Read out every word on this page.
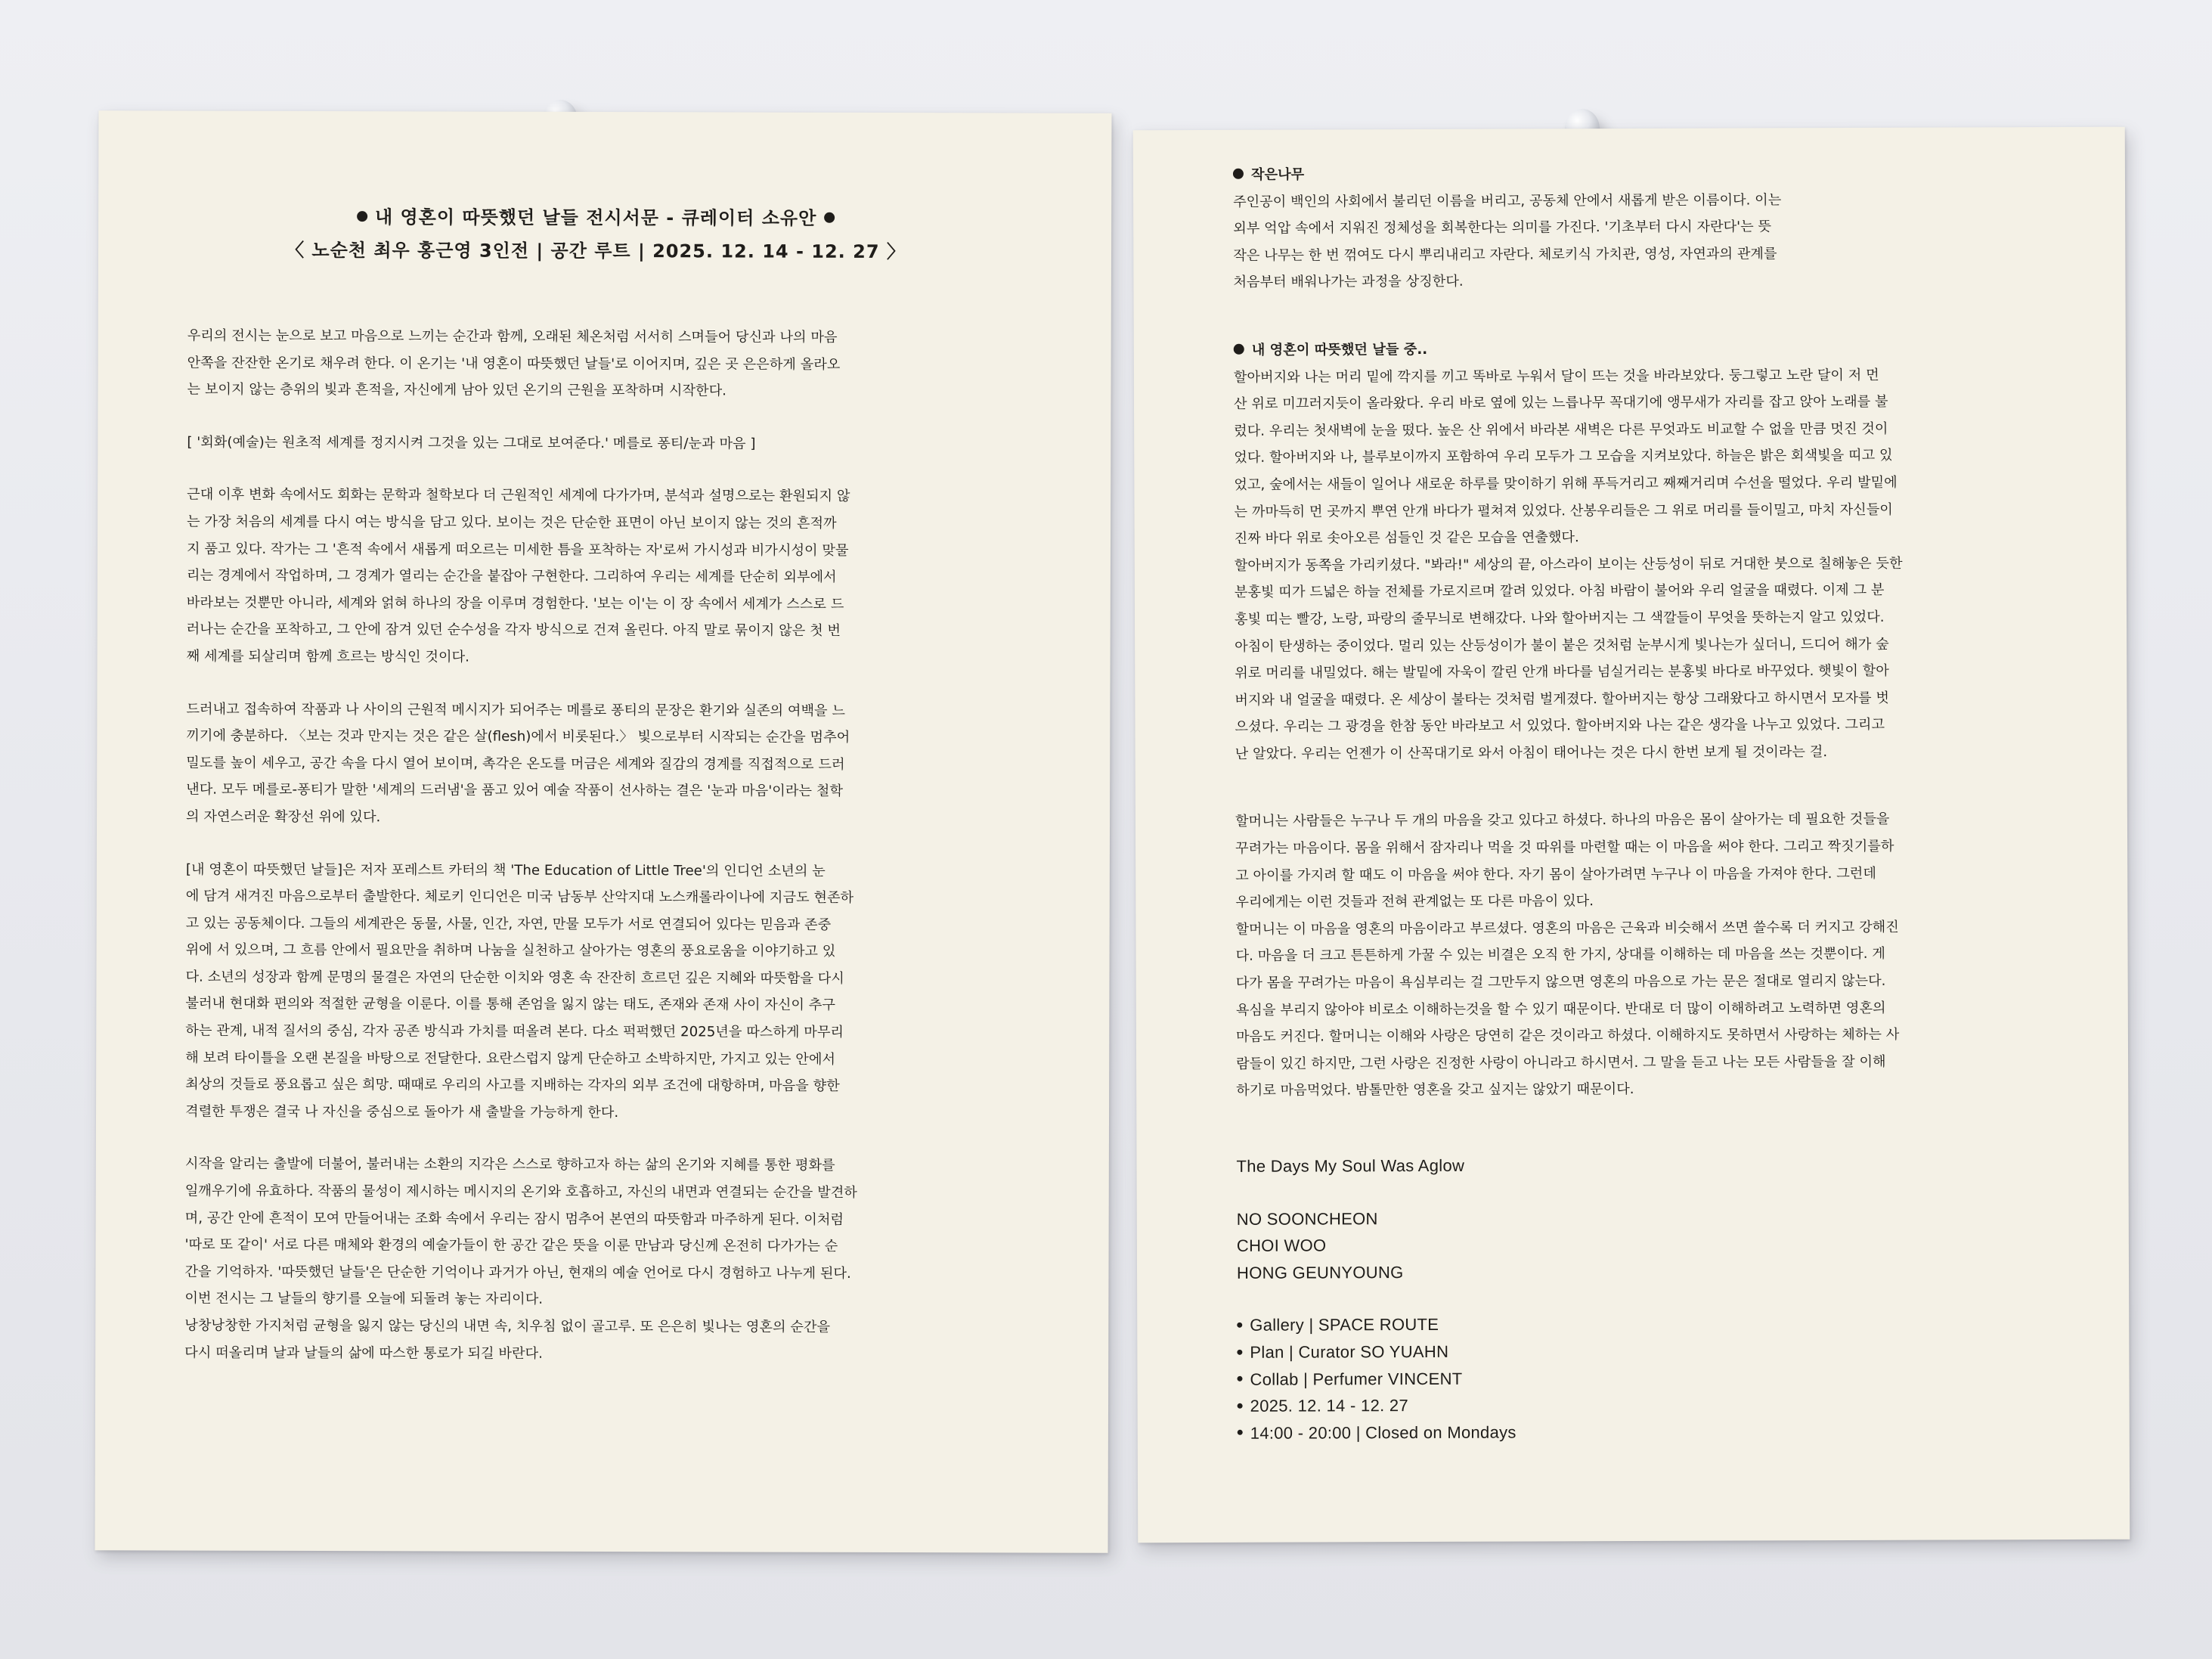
내 영혼이 따뜻했던 날들 전시서문 - 큐레이터 소유안
〈 노순천 최우 홍근영 3인전 | 공간 루트 | 2025. 12. 14 - 12. 27 〉
우리의 전시는 눈으로 보고 마음으로 느끼는 순간과 함께, 오래된 체온처럼 서서히 스며들어 당신과 나의 마음
안쪽을 잔잔한 온기로 채우려 한다. 이 온기는 '내 영혼이 따뜻했던 날들'로 이어지며, 깊은 곳 은은하게 올라오
는 보이지 않는 층위의 빛과 흔적을, 자신에게 남아 있던 온기의 근원을 포착하며 시작한다.
[ '회화(예술)는 원초적 세계를 정지시켜 그것을 있는 그대로 보여준다.' 메를로 퐁티/눈과 마음 ]
근대 이후 변화 속에서도 회화는 문학과 철학보다 더 근원적인 세계에 다가가며, 분석과 설명으로는 환원되지 않
는 가장 처음의 세계를 다시 여는 방식을 담고 있다. 보이는 것은 단순한 표면이 아닌 보이지 않는 것의 흔적까
지 품고 있다. 작가는 그 '흔적 속에서 새롭게 떠오르는 미세한 틈을 포착하는 자'로써 가시성과 비가시성이 맞물
리는 경계에서 작업하며, 그 경계가 열리는 순간을 붙잡아 구현한다. 그리하여 우리는 세계를 단순히 외부에서
바라보는 것뿐만 아니라, 세계와 얽혀 하나의 장을 이루며 경험한다. '보는 이'는 이 장 속에서 세계가 스스로 드
러나는 순간을 포착하고, 그 안에 잠겨 있던 순수성을 각자 방식으로 건져 올린다. 아직 말로 묶이지 않은 첫 번
째 세계를 되살리며 함께 흐르는 방식인 것이다.
드러내고 접속하여 작품과 나 사이의 근원적 메시지가 되어주는 메를로 퐁티의 문장은 환기와 실존의 여백을 느
끼기에 충분하다. 〈보는 것과 만지는 것은 같은 살(flesh)에서 비롯된다.〉 빛으로부터 시작되는 순간을 멈추어
밀도를 높이 세우고, 공간 속을 다시 열어 보이며, 촉각은 온도를 머금은 세계와 질감의 경계를 직접적으로 드러
낸다. 모두 메를로-퐁티가 말한 '세계의 드러냄'을 품고 있어 예술 작품이 선사하는 결은 '눈과 마음'이라는 철학
의 자연스러운 확장선 위에 있다.
[내 영혼이 따뜻했던 날들]은 저자 포레스트 카터의 책 'The Education of Little Tree'의 인디언 소년의 눈
에 담겨 새겨진 마음으로부터 출발한다. 체로키 인디언은 미국 남동부 산악지대 노스캐롤라이나에 지금도 현존하
고 있는 공동체이다. 그들의 세계관은 동물, 사물, 인간, 자연, 만물 모두가 서로 연결되어 있다는 믿음과 존중
위에 서 있으며, 그 흐름 안에서 필요만을 취하며 나눔을 실천하고 살아가는 영혼의 풍요로움을 이야기하고 있
다. 소년의 성장과 함께 문명의 물결은 자연의 단순한 이치와 영혼 속 잔잔히 흐르던 깊은 지혜와 따뜻함을 다시
불러내 현대화 편의와 적절한 균형을 이룬다. 이를 통해 존엄을 잃지 않는 태도, 존재와 존재 사이 자신이 추구
하는 관계, 내적 질서의 중심, 각자 공존 방식과 가치를 떠올려 본다. 다소 퍽퍽했던 2025년을 따스하게 마무리
해 보려 타이틀을 오랜 본질을 바탕으로 전달한다. 요란스럽지 않게 단순하고 소박하지만, 가지고 있는 안에서
최상의 것들로 풍요롭고 싶은 희망. 때때로 우리의 사고를 지배하는 각자의 외부 조건에 대항하며, 마음을 향한
격렬한 투쟁은 결국 나 자신을 중심으로 돌아가 새 출발을 가능하게 한다.
시작을 알리는 출발에 더불어, 불러내는 소환의 지각은 스스로 향하고자 하는 삶의 온기와 지혜를 통한 평화를
일깨우기에 유효하다. 작품의 물성이 제시하는 메시지의 온기와 호흡하고, 자신의 내면과 연결되는 순간을 발견하
며, 공간 안에 흔적이 모여 만들어내는 조화 속에서 우리는 잠시 멈추어 본연의 따뜻함과 마주하게 된다. 이처럼
'따로 또 같이' 서로 다른 매체와 환경의 예술가들이 한 공간 같은 뜻을 이룬 만남과 당신께 온전히 다가가는 순
간을 기억하자. '따뜻했던 날들'은 단순한 기억이나 과거가 아닌, 현재의 예술 언어로 다시 경험하고 나누게 된다.
이번 전시는 그 날들의 향기를 오늘에 되돌려 놓는 자리이다.
낭창낭창한 가지처럼 균형을 잃지 않는 당신의 내면 속, 치우침 없이 골고루. 또 은은히 빛나는 영혼의 순간을
다시 떠올리며 날과 날들의 삶에 따스한 통로가 되길 바란다.
작은나무
주인공이 백인의 사회에서 불리던 이름을 버리고, 공동체 안에서 새롭게 받은 이름이다. 이는
외부 억압 속에서 지워진 정체성을 회복한다는 의미를 가진다. '기초부터 다시 자란다'는 뜻
작은 나무는 한 번 꺾여도 다시 뿌리내리고 자란다. 체로키식 가치관, 영성, 자연과의 관계를
처음부터 배워나가는 과정을 상징한다.
내 영혼이 따뜻했던 날들 중..
할아버지와 나는 머리 밑에 깍지를 끼고 똑바로 누워서 달이 뜨는 것을 바라보았다. 둥그렇고 노란 달이 저 먼
산 위로 미끄러지듯이 올라왔다. 우리 바로 옆에 있는 느릅나무 꼭대기에 앵무새가 자리를 잡고 앉아 노래를 불
렀다. 우리는 첫새벽에 눈을 떴다. 높은 산 위에서 바라본 새벽은 다른 무엇과도 비교할 수 없을 만큼 멋진 것이
었다. 할아버지와 나, 블루보이까지 포함하여 우리 모두가 그 모습을 지켜보았다. 하늘은 밝은 회색빛을 띠고 있
었고, 숲에서는 새들이 일어나 새로운 하루를 맞이하기 위해 푸득거리고 째째거리며 수선을 떨었다. 우리 발밑에
는 까마득히 먼 곳까지 뿌연 안개 바다가 펼쳐져 있었다. 산봉우리들은 그 위로 머리를 들이밀고, 마치 자신들이
진짜 바다 위로 솟아오른 섬들인 것 같은 모습을 연출했다.
할아버지가 동쪽을 가리키셨다. "봐라!" 세상의 끝, 아스라이 보이는 산등성이 뒤로 거대한 붓으로 칠해놓은 듯한
분홍빛 띠가 드넓은 하늘 전체를 가로지르며 깔려 있었다. 아침 바람이 불어와 우리 얼굴을 때렸다. 이제 그 분
홍빛 띠는 빨강, 노랑, 파랑의 줄무늬로 변해갔다. 나와 할아버지는 그 색깔들이 무엇을 뜻하는지 알고 있었다.
아침이 탄생하는 중이었다. 멀리 있는 산등성이가 불이 붙은 것처럼 눈부시게 빛나는가 싶더니, 드디어 해가 숲
위로 머리를 내밀었다. 해는 발밑에 자욱이 깔린 안개 바다를 넘실거리는 분홍빛 바다로 바꾸었다. 햇빛이 할아
버지와 내 얼굴을 때렸다. 온 세상이 불타는 것처럼 벌게졌다. 할아버지는 항상 그래왔다고 하시면서 모자를 벗
으셨다. 우리는 그 광경을 한참 동안 바라보고 서 있었다. 할아버지와 나는 같은 생각을 나누고 있었다. 그리고
난 알았다. 우리는 언젠가 이 산꼭대기로 와서 아침이 태어나는 것은 다시 한번 보게 될 것이라는 걸.
할머니는 사람들은 누구나 두 개의 마음을 갖고 있다고 하셨다. 하나의 마음은 몸이 살아가는 데 필요한 것들을
꾸려가는 마음이다. 몸을 위해서 잠자리나 먹을 것 따위를 마련할 때는 이 마음을 써야 한다. 그리고 짝짓기를하
고 아이를 가지려 할 때도 이 마음을 써야 한다. 자기 몸이 살아가려면 누구나 이 마음을 가져야 한다. 그런데
우리에게는 이런 것들과 전혀 관계없는 또 다른 마음이 있다.
할머니는 이 마음을 영혼의 마음이라고 부르셨다. 영혼의 마음은 근육과 비슷해서 쓰면 쓸수록 더 커지고 강해진
다. 마음을 더 크고 튼튼하게 가꿀 수 있는 비결은 오직 한 가지, 상대를 이해하는 데 마음을 쓰는 것뿐이다. 게
다가 몸을 꾸려가는 마음이 욕심부리는 걸 그만두지 않으면 영혼의 마음으로 가는 문은 절대로 열리지 않는다.
욕심을 부리지 않아야 비로소 이해하는것을 할 수 있기 때문이다. 반대로 더 많이 이해하려고 노력하면 영혼의
마음도 커진다. 할머니는 이해와 사랑은 당연히 같은 것이라고 하셨다. 이해하지도 못하면서 사랑하는 체하는 사
람들이 있긴 하지만, 그런 사랑은 진정한 사랑이 아니라고 하시면서. 그 말을 듣고 나는 모든 사람들을 잘 이해
하기로 마음먹었다. 밤톨만한 영혼을 갖고 싶지는 않았기 때문이다.
The Days My Soul Was Aglow
NO SOONCHEON
CHOI WOO
HONG GEUNYOUNG
Gallery | SPACE ROUTE
Plan | Curator SO YUAHN
Collab | Perfumer VINCENT
2025. 12. 14 - 12. 27
14:00 - 20:00 | Closed on Mondays
